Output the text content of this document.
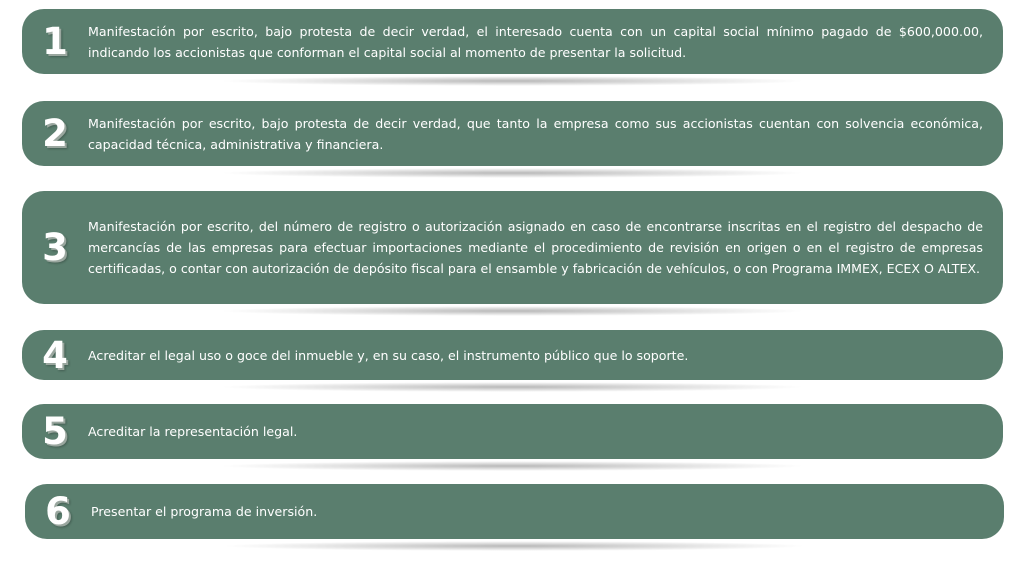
1	Manifestación por escrito, bajo protesta de decir verdad, el interesado cuenta con un capital social mínimo pagado de $600,000.00, indicando los accionistas que conforman el capital social al momento de presentar la solicitud.
2	Manifestación por escrito, bajo protesta de decir verdad, que tanto la empresa como sus accionistas cuentan con solvencia económica, capacidad técnica, administrativa y financiera.
3	Manifestación por escrito, del número de registro o autorización asignado en caso de encontrarse inscritas en el registro del despacho de mercancías de las empresas para efectuar importaciones mediante el procedimiento de revisión en origen o en el registro de empresas certificadas, o contar con autorización de depósito fiscal para el ensamble y fabricación de vehículos, o con Programa IMMEX, ECEX O ALTEX.
4	Acreditar el legal uso o goce del inmueble y, en su caso, el instrumento público que lo soporte.
5	Acreditar la representación legal.
6	Presentar el programa de inversión.
